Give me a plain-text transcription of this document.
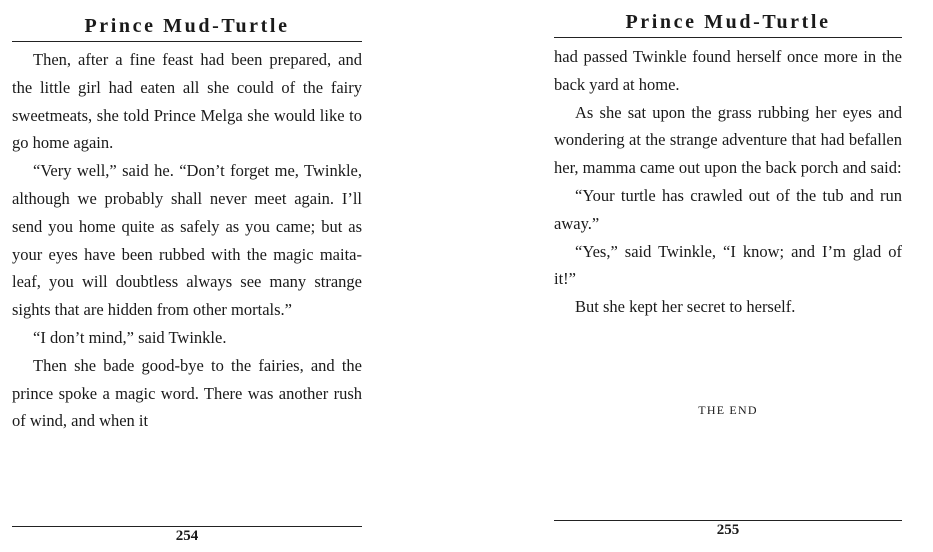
Prince Mud-Turtle

Then, after a fine feast had been prepared, and the little girl had eaten all she could of the fairy sweetmeats, she told Prince Melga she would like to go home again.

“Very well,” said he. “Don’t forget me, Twinkle, although we probably shall never meet again. I’ll send you home quite as safely as you came; but as your eyes have been rubbed with the magic maita-leaf, you will doubtless always see many strange sights that are hidden from other mortals.”

“I don’t mind,” said Twinkle.

Then she bade good-bye to the fairies, and the prince spoke a magic word. There was another rush of wind, and when it

254
Prince Mud-Turtle

had passed Twinkle found herself once more in the back yard at home.

As she sat upon the grass rubbing her eyes and wondering at the strange adventure that had befallen her, mamma came out upon the back porch and said:

“Your turtle has crawled out of the tub and run away.”

“Yes,” said Twinkle, “I know; and I’m glad of it!”

But she kept her secret to herself.

THE END
255
